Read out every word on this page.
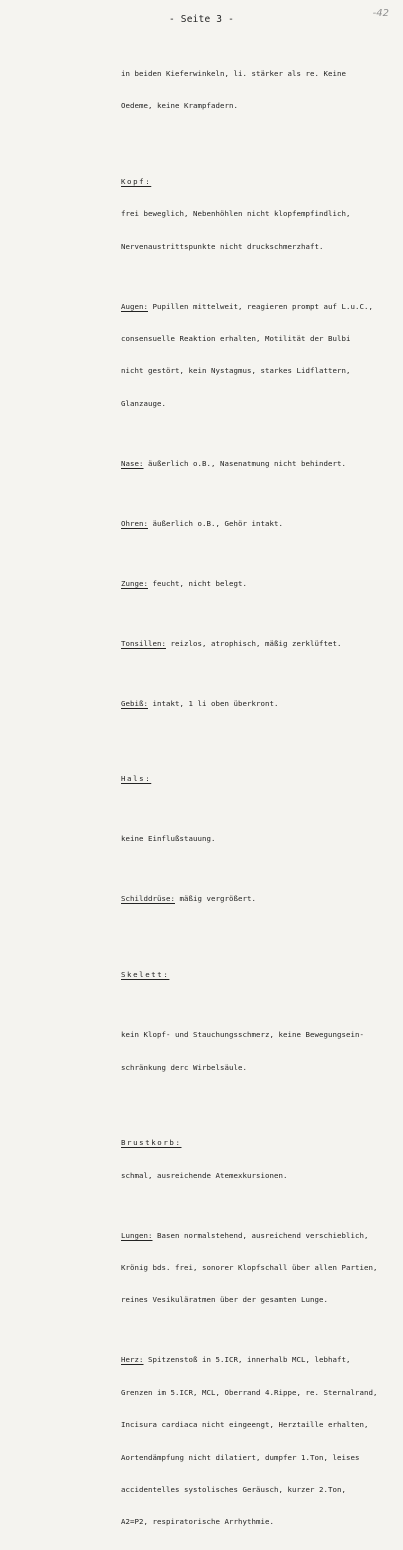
- Seite 3 -
-42

in beiden Kieferwinkeln, li. stärker als re. Keine

Oedeme, keine Krampfadern.

Kopf:

frei beweglich, Nebenhöhlen nicht klopfempfindlich,

Nervenaustrittspunkte nicht druckschmerzhaft.

Augen: Pupillen mittelweit, reagieren prompt auf L.u.C.,

consensuelle Reaktion erhalten, Motilität der Bulbi

nicht gestört, kein Nystagmus, starkes Lidflattern,

Glanzauge.

Nase: äußerlich o.B., Nasenatmung nicht behindert.

Ohren: äußerlich o.B., Gehör intakt.

Zunge: feucht, nicht belegt.

Tonsillen: reizlos, atrophisch, mäßig zerklüftet.

Gebiß: intakt, 1 li oben überkront.

Hals:

keine Einflußstauung.

Schilddrüse: mäßig vergrößert.

Skelett:

kein Klopf- und Stauchungsschmerz, keine Bewegungsein-

schränkung derc Wirbelsäule.

Brustkorb:

schmal, ausreichende Atemexkursionen.

Lungen: Basen normalstehend, ausreichend verschieblich,

Krönig bds. frei, sonorer Klopfschall über allen Partien,

reines Vesikuläratmen über der gesamten Lunge.

Herz: Spitzenstoß in 5.ICR, innerhalb MCL, lebhaft,

Grenzen im 5.ICR, MCL, Oberrand 4.Rippe, re. Sternalrand,

Incisura cardiaca nicht eingeengt, Herztaille erhalten,

Aortendämpfung nicht dilatiert, dumpfer 1.Ton, leises

accidentelles systolisches Geräusch, kurzer 2.Ton,

A2=P2, respiratorische Arrhythmie.
